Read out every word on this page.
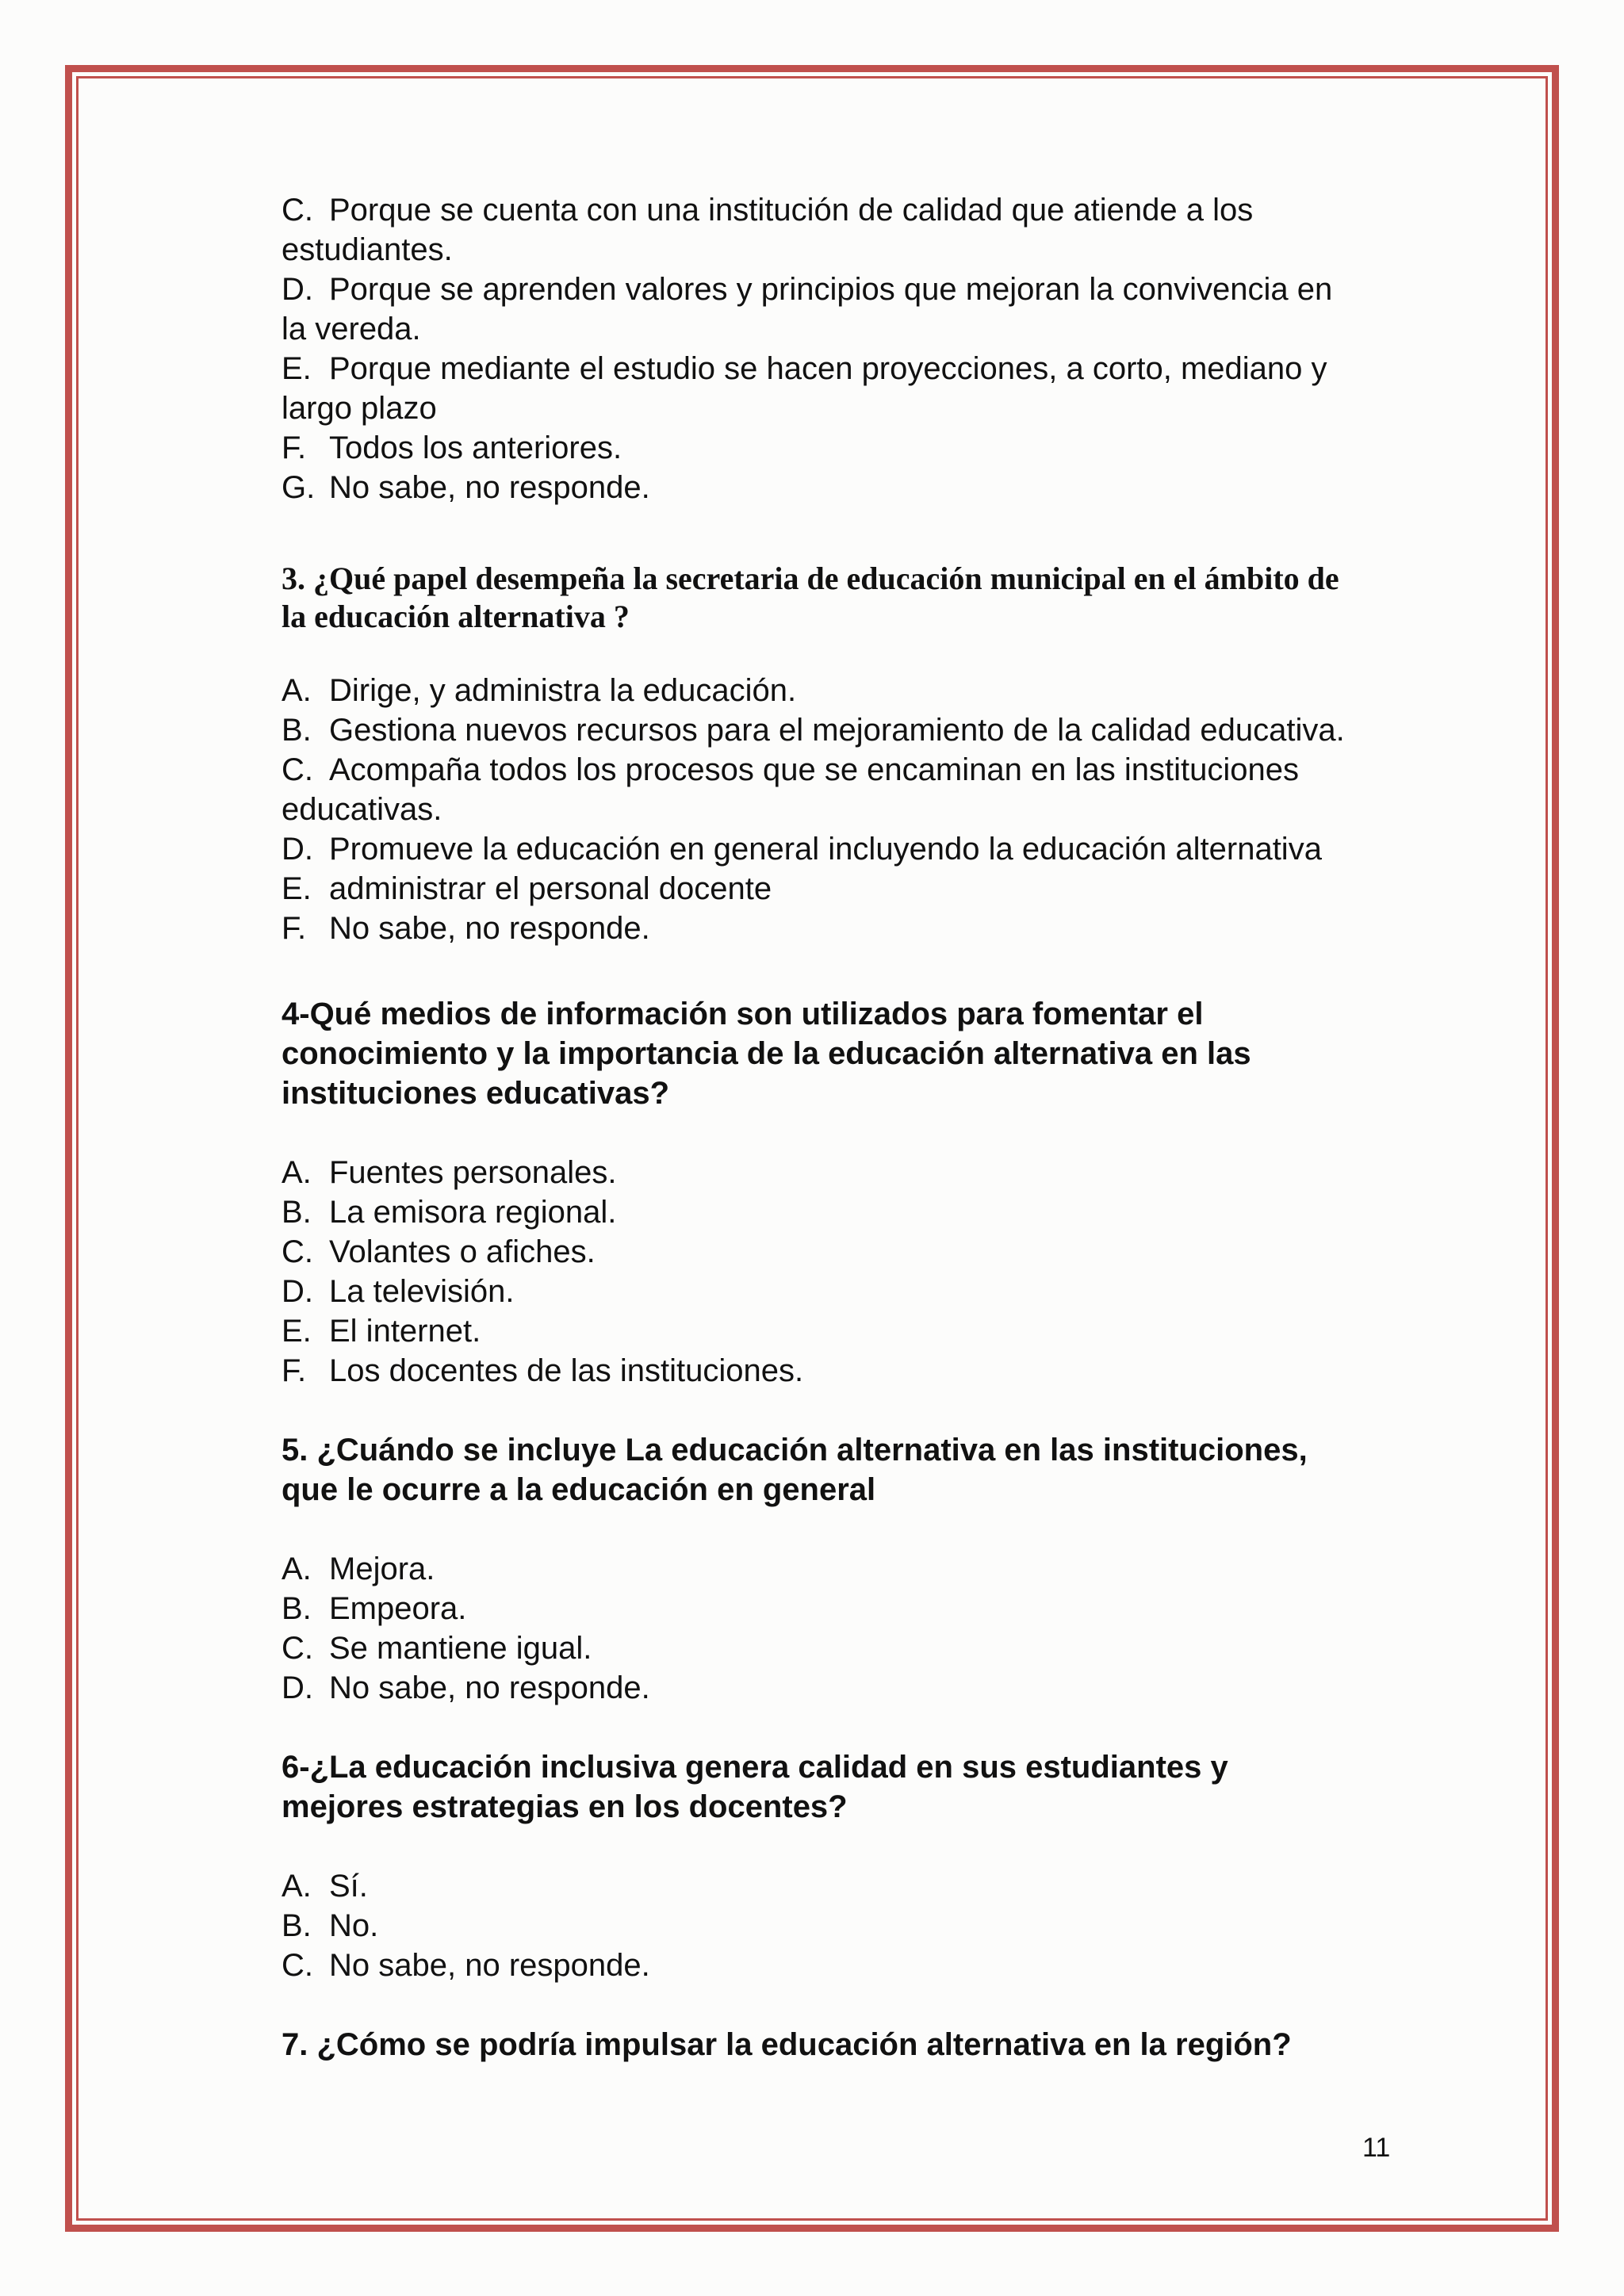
C. Porque se cuenta con una institución de calidad que atiende a los

estudiantes.

D. Porque se aprenden valores y principios que mejoran la convivencia en

la vereda.

E. Porque mediante el estudio se hacen proyecciones, a corto, mediano y

largo plazo

F. Todos los anteriores.
G. No sabe, no responde.

3. ¿Qué papel desempeña la secretaria de educación municipal en el ámbito de
la educación alternativa ?

A. Dirige, y administra la educación.
B. Gestiona nuevos recursos para el mejoramiento de la calidad educativa.
C. Acompaña todos los procesos que se encaminan en las instituciones

educativas.

D. Promueve la educación en general incluyendo la educación alternativa
E. administrar el personal docente
F. No sabe, no responde.

4-Qué medios de información son utilizados para fomentar el
conocimiento y la importancia de la educación alternativa en las
instituciones educativas?

A. Fuentes personales.
B. La emisora regional.
C. Volantes o afiches.
D. La televisión.
E. El internet.
F. Los docentes de las instituciones.

5. ¿Cuándo se incluye La educación alternativa en las instituciones,
que le ocurre a la educación en general

A. Mejora.
B. Empeora.
C. Se mantiene igual.
D. No sabe, no responde.

6-¿La educación inclusiva genera calidad en sus estudiantes y
mejores estrategias en los docentes?

A. Sí.
B. No.
C. No sabe, no responde.

7. ¿Cómo se podría impulsar la educación alternativa en la región?

11
